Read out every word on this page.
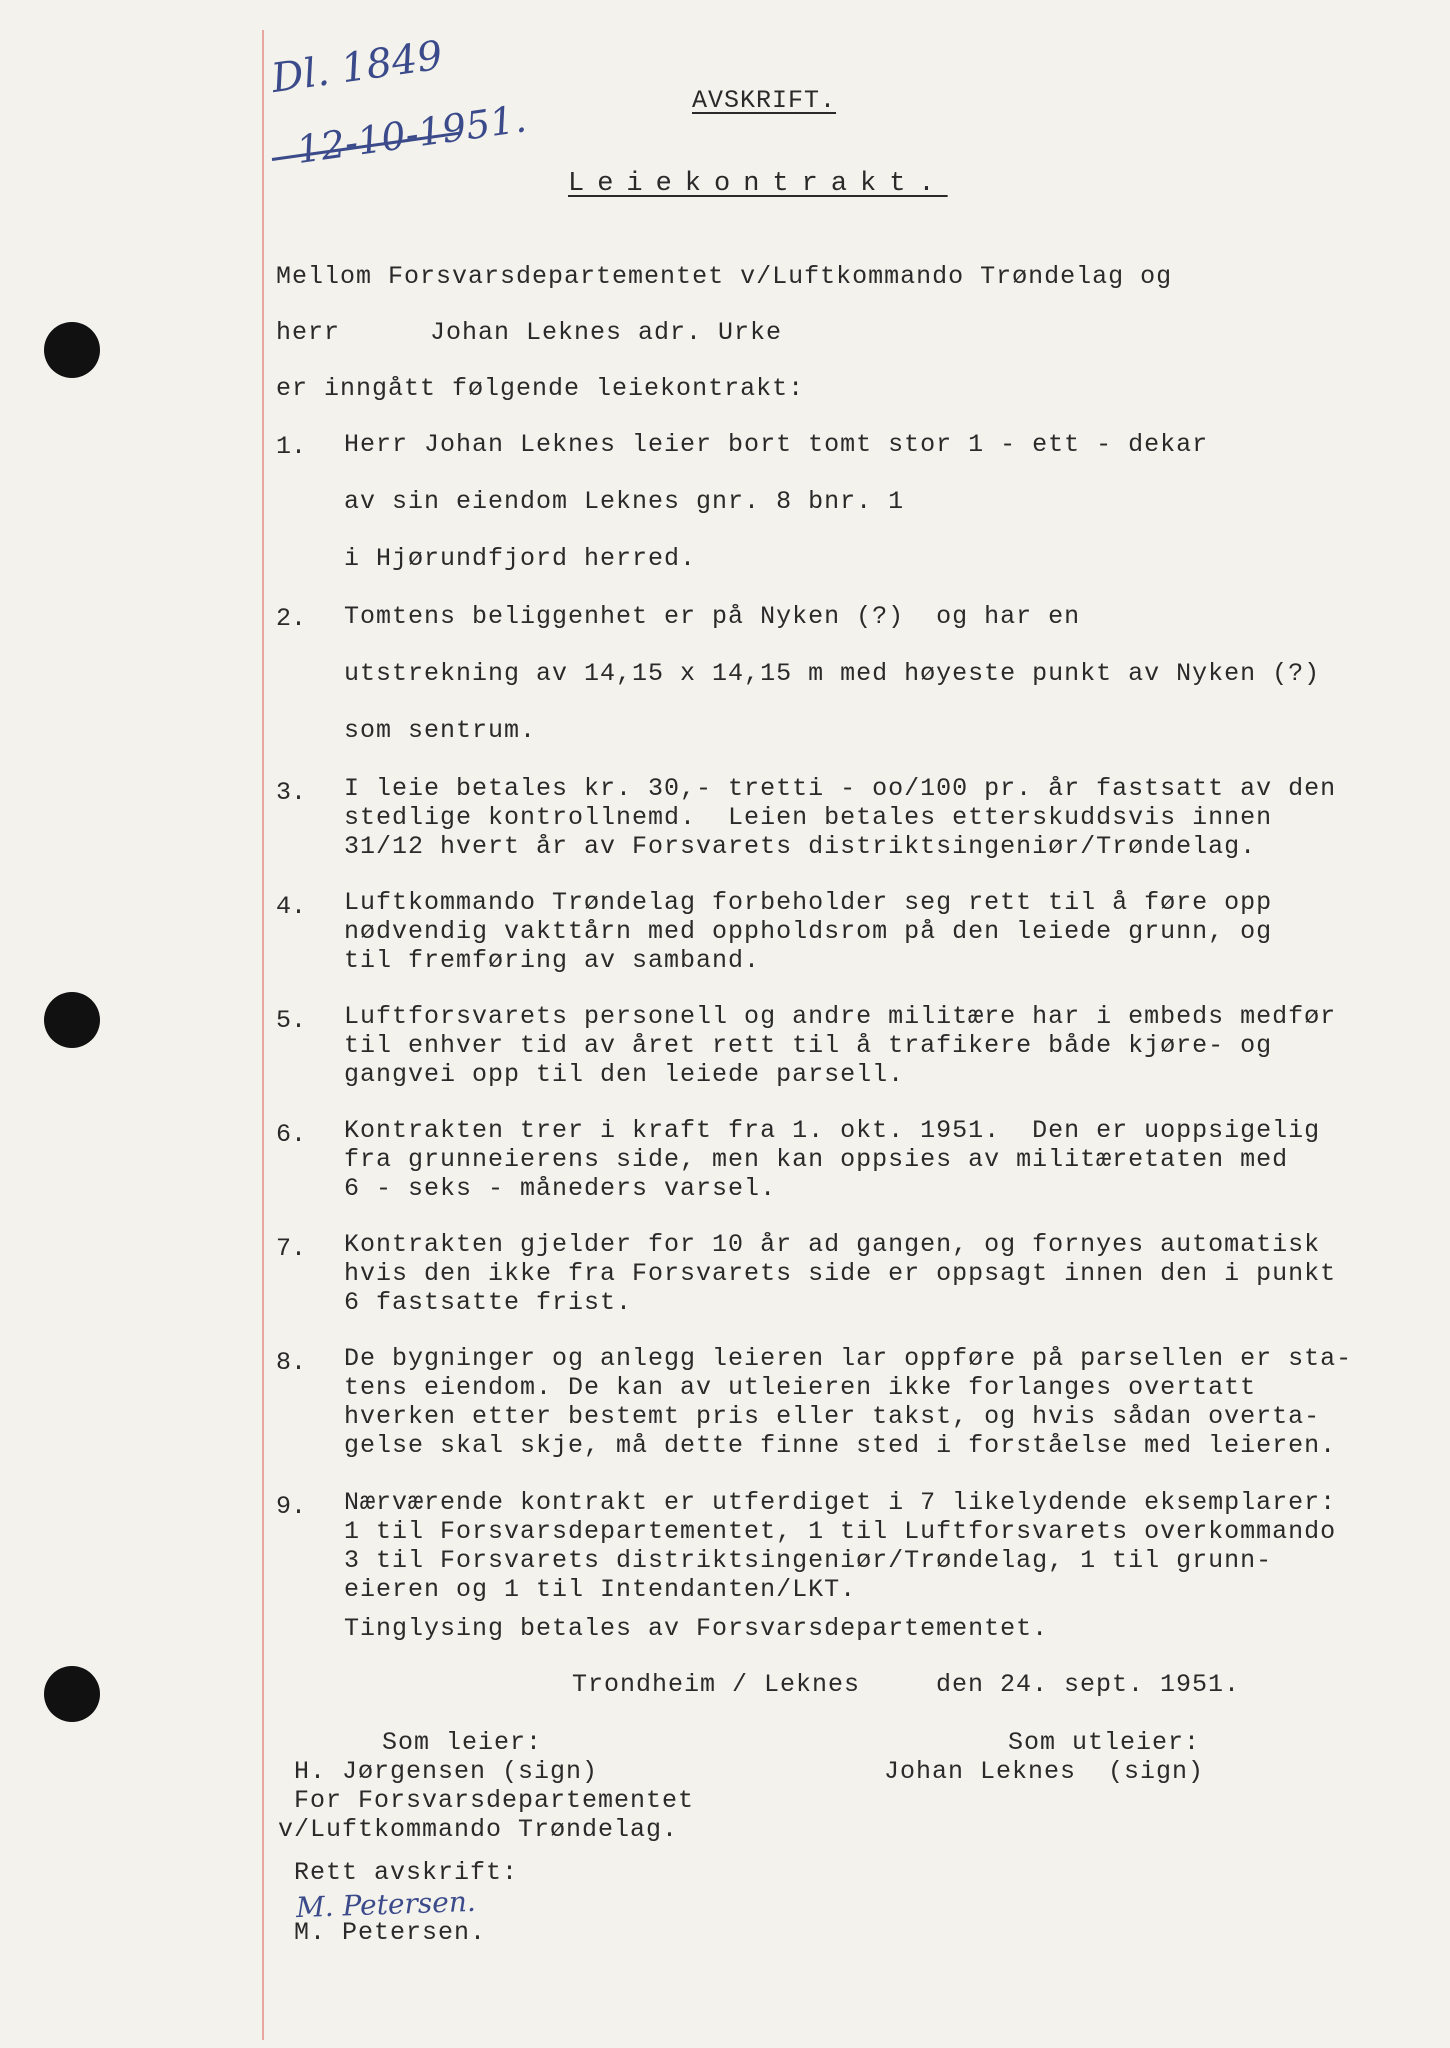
Dl. 1849
12-10-1951.	AVSKRIFT.
Leiekontrakt.
Mellom Forsvarsdepartementet v/Luftkommando Trøndelag og
herr	Johan Leknes adr. Urke
er inngått følgende leiekontrakt:
1. Herr Johan Leknes leier bort tomt stor 1 - ett - dekar
av sin eiendom Leknes gnr. 8 bnr. 1
i Hjørundfjord herred.
2. Tomtens beliggenhet er på Nyken (?)  og har en
utstrekning av 14,15 x 14,15 m med høyeste punkt av Nyken (?)
som sentrum.
3. I leie betales kr. 30,- tretti - oo/100 pr. år fastsatt av den
stedlige kontrollnemd.  Leien betales etterskuddsvis innen
31/12 hvert år av Forsvarets distriktsingeniør/Trøndelag.
4. Luftkommando Trøndelag forbeholder seg rett til å føre opp
nødvendig vakttårn med oppholdsrom på den leiede grunn, og
til fremføring av samband.
5. Luftforsvarets personell og andre militære har i embeds medfør
til enhver tid av året rett til å trafikere både kjøre- og
gangvei opp til den leiede parsell.
6. Kontrakten trer i kraft fra 1. okt. 1951.  Den er uoppsigelig
fra grunneierens side, men kan oppsies av militæretaten med
6 - seks - måneders varsel.
7. Kontrakten gjelder for 10 år ad gangen, og fornyes automatisk
hvis den ikke fra Forsvarets side er oppsagt innen den i punkt
6 fastsatte frist.
8. De bygninger og anlegg leieren lar oppføre på parsellen er sta-
tens eiendom. De kan av utleieren ikke forlanges overtatt
hverken etter bestemt pris eller takst, og hvis sådan overta-
gelse skal skje, må dette finne sted i forståelse med leieren.
9. Nærværende kontrakt er utferdiget i 7 likelydende eksemplarer:
1 til Forsvarsdepartementet, 1 til Luftforsvarets overkommando
3 til Forsvarets distriktsingeniør/Trøndelag, 1 til grunn-
eieren og 1 til Intendanten/LKT.
Tinglysing betales av Forsvarsdepartementet.
Trondheim / Leknes	den 24. sept. 1951.
Som leier:
H. Jørgensen (sign)
For Forsvarsdepartementet
v/Luftkommando Trøndelag.
Som utleier:
Johan Leknes  (sign)
Rett avskrift:
M. Petersen.
M. Petersen.
